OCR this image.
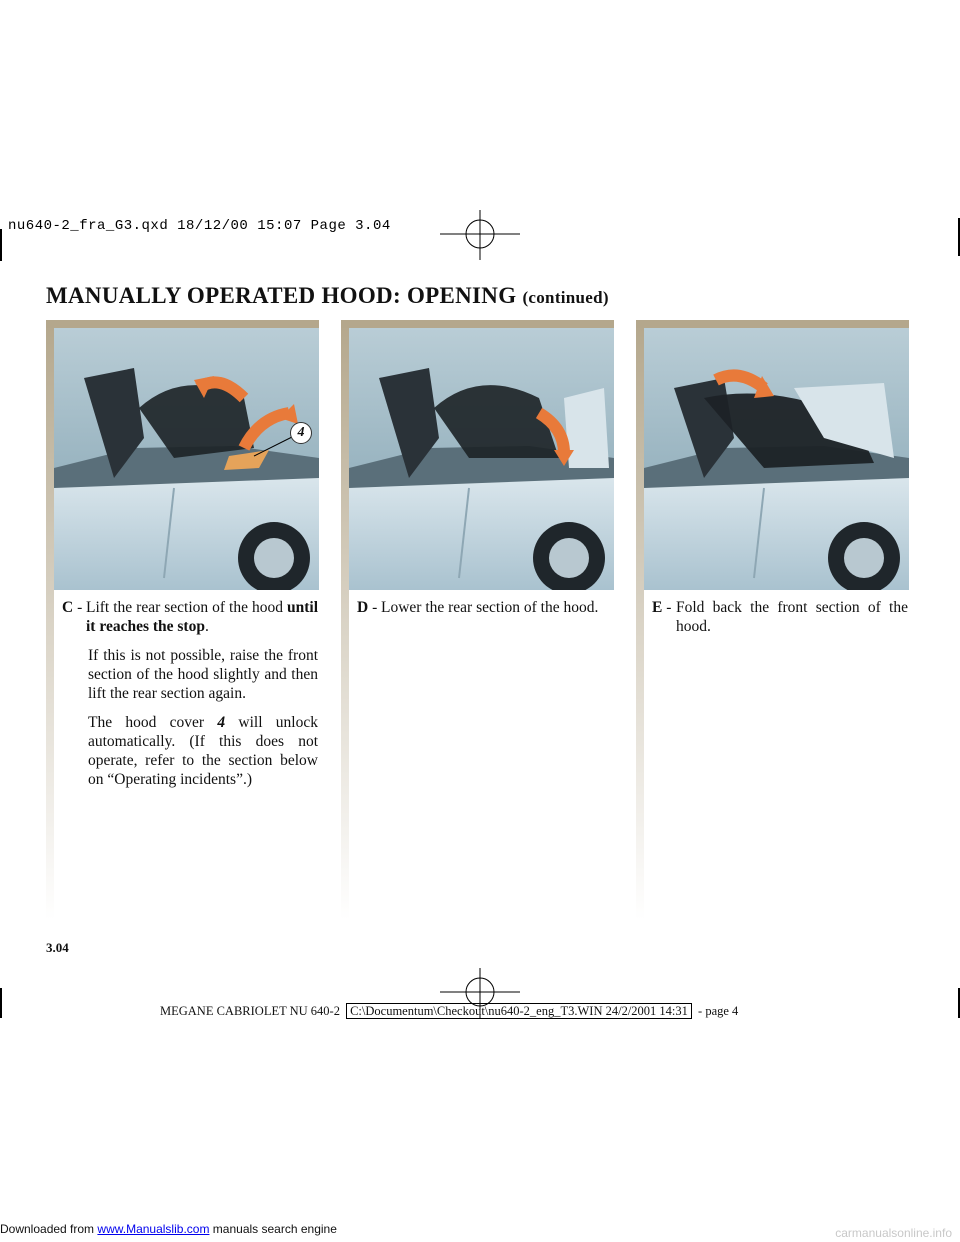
nu640-2_fra_G3.qxd 18/12/00 15:07 Page 3.04
MANUALLY OPERATED HOOD: OPENING (continued)
4
C - Lift the rear section of the hood until it reaches the stop.

If this is not possible, raise the front section of the hood slightly and then lift the rear section again.

The hood cover 4 will unlock automatically. (If this does not operate, refer to the section below on “Operating incidents”.)

D - Lower the rear section of the hood.	E - Fold back the front section of the hood.
3.04
MEGANE CABRIOLET NU 640-2 C:\Documentum\Checkout\nu640-2_eng_T3.WIN 24/2/2001 14:31 - page 4
Downloaded from www.Manualslib.com manuals search engine	carmanualsonline.info
